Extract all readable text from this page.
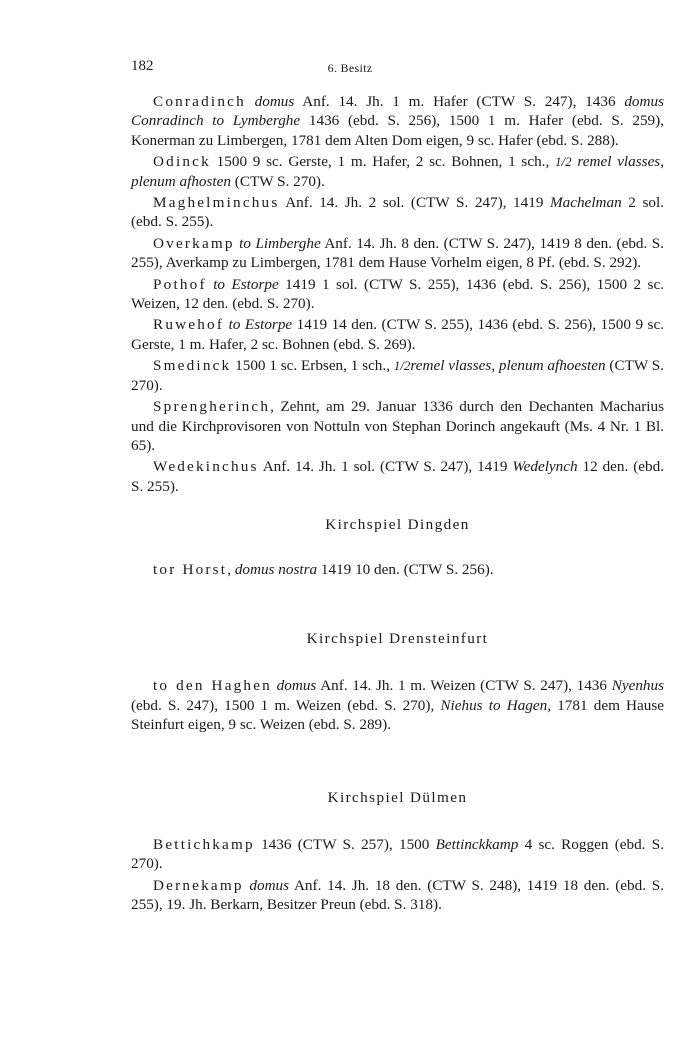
182	6. Besitz

Conradinch domus Anf. 14. Jh. 1 m. Hafer (CTW S. 247), 1436 domus Conradinch to Lymberghe 1436 (ebd. S. 256), 1500 1 m. Hafer (ebd. S. 259), Konerman zu Limbergen, 1781 dem Alten Dom eigen, 9 sc. Hafer (ebd. S. 288).

Odinck 1500 9 sc. Gerste, 1 m. Hafer, 2 sc. Bohnen, 1 sch., 1/2 remel vlasses, plenum afhosten (CTW S. 270).

Maghelminchus Anf. 14. Jh. 2 sol. (CTW S. 247), 1419 Machelman 2 sol. (ebd. S. 255).

Overkamp to Limberghe Anf. 14. Jh. 8 den. (CTW S. 247), 1419 8 den. (ebd. S. 255), Averkamp zu Limbergen, 1781 dem Hause Vorhelm eigen, 8 Pf. (ebd. S. 292).

Pothof to Estorpe 1419 1 sol. (CTW S. 255), 1436 (ebd. S. 256), 1500 2 sc. Weizen, 12 den. (ebd. S. 270).

Ruwehof to Estorpe 1419 14 den. (CTW S. 255), 1436 (ebd. S. 256), 1500 9 sc. Gerste, 1 m. Hafer, 2 sc. Bohnen (ebd. S. 269).

Smedinck 1500 1 sc. Erbsen, 1 sch., 1/2remel vlasses, plenum afhoesten (CTW S. 270).

Sprengherinch, Zehnt, am 29. Januar 1336 durch den Dechanten Macharius und die Kirchprovisoren von Nottuln von Stephan Dorinch angekauft (Ms. 4 Nr. 1 Bl. 65).

Wedekinchus Anf. 14. Jh. 1 sol. (CTW S. 247), 1419 Wedelynch 12 den. (ebd. S. 255).

Kirchspiel Dingden

tor Horst, domus nostra 1419 10 den. (CTW S. 256).

Kirchspiel Drensteinfurt

to den Haghen domus Anf. 14. Jh. 1 m. Weizen (CTW S. 247), 1436 Nyenhus (ebd. S. 247), 1500 1 m. Weizen (ebd. S. 270), Niehus to Hagen, 1781 dem Hause Steinfurt eigen, 9 sc. Weizen (ebd. S. 289).

Kirchspiel Dülmen

Bettichkamp 1436 (CTW S. 257), 1500 Bettinckkamp 4 sc. Roggen (ebd. S. 270).

Dernekamp domus Anf. 14. Jh. 18 den. (CTW S. 248), 1419 18 den. (ebd. S. 255), 19. Jh. Berkarn, Besitzer Preun (ebd. S. 318).
